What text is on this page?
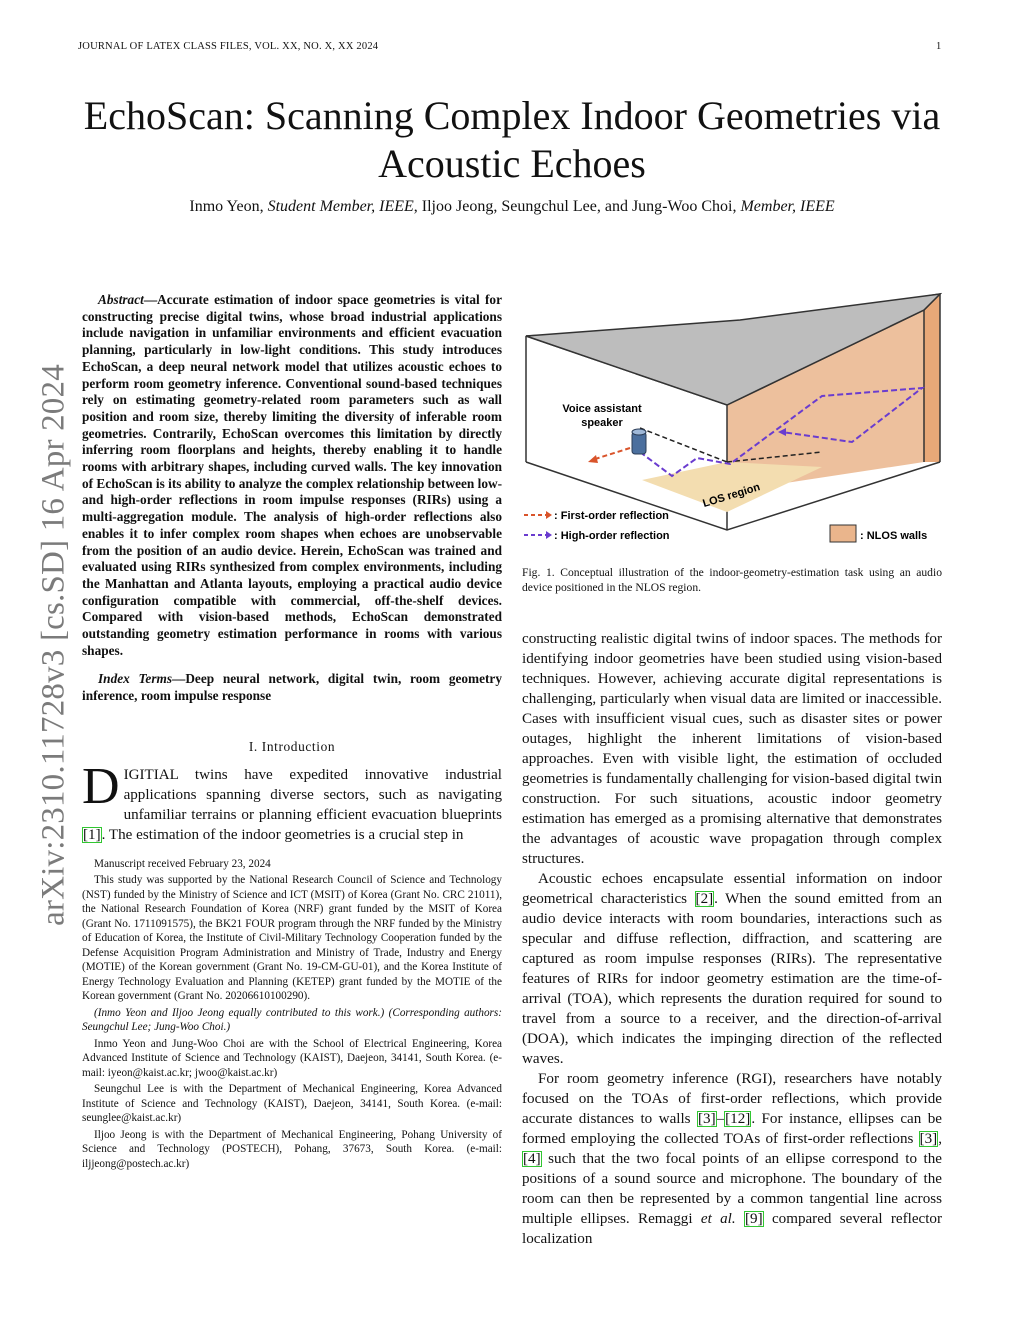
JOURNAL OF LATEX CLASS FILES, VOL. XX, NO. X, XX 2024	1
arXiv:2310.11728v3 [cs.SD] 16 Apr 2024
EchoScan: Scanning Complex Indoor Geometries via Acoustic Echoes
Inmo Yeon, Student Member, IEEE, Iljoo Jeong, Seungchul Lee, and Jung-Woo Choi, Member, IEEE

Abstract—Accurate estimation of indoor space geometries is vital for constructing precise digital twins, whose broad industrial applications include navigation in unfamiliar environments and efficient evacuation planning, particularly in low-light conditions. This study introduces EchoScan, a deep neural network model that utilizes acoustic echoes to perform room geometry inference. Conventional sound-based techniques rely on estimating geometry-related room parameters such as wall position and room size, thereby limiting the diversity of inferable room geometries. Contrarily, EchoScan overcomes this limitation by directly inferring room floorplans and heights, thereby enabling it to handle rooms with arbitrary shapes, including curved walls. The key innovation of EchoScan is its ability to analyze the complex relationship between low- and high-order reflections in room impulse responses (RIRs) using a multi-aggregation module. The analysis of high-order reflections also enables it to infer complex room shapes when echoes are unobservable from the position of an audio device. Herein, EchoScan was trained and evaluated using RIRs synthesized from complex environments, including the Manhattan and Atlanta layouts, employing a practical audio device configuration compatible with commercial, off-the-shelf devices. Compared with vision-based methods, EchoScan demonstrated outstanding geometry estimation performance in rooms with various shapes.

Index Terms—Deep neural network, digital twin, room geometry inference, room impulse response

I. Introduction

DIGITIAL twins have expedited innovative industrial applications spanning diverse sectors, such as navigating unfamiliar terrains or planning efficient evacuation blueprints [1]. The estimation of the indoor geometries is a crucial step in

Manuscript received February 23, 2024

This study was supported by the National Research Council of Science and Technology (NST) funded by the Ministry of Science and ICT (MSIT) of Korea (Grant No. CRC 21011), the National Research Foundation of Korea (NRF) grant funded by the MSIT of Korea (Grant No. 1711091575), the BK21 FOUR program through the NRF funded by the Ministry of Education of Korea, the Institute of Civil-Military Technology Cooperation funded by the Defense Acquisition Program Administration and Ministry of Trade, Industry and Energy (MOTIE) of the Korean government (Grant No. 19-CM-GU-01), and the Korea Institute of Energy Technology Evaluation and Planning (KETEP) grant funded by the MOTIE of the Korean government (Grant No. 20206610100290).

(Inmo Yeon and Iljoo Jeong equally contributed to this work.) (Corresponding authors: Seungchul Lee; Jung-Woo Choi.)

Inmo Yeon and Jung-Woo Choi are with the School of Electrical Engineering, Korea Advanced Institute of Science and Technology (KAIST), Daejeon, 34141, South Korea. (e-mail: iyeon@kaist.ac.kr; jwoo@kaist.ac.kr)

Seungchul Lee is with the Department of Mechanical Engineering, Korea Advanced Institute of Science and Technology (KAIST), Daejeon, 34141, South Korea. (e-mail: seunglee@kaist.ac.kr)

Iljoo Jeong is with the Department of Mechanical Engineering, Pohang University of Science and Technology (POSTECH), Pohang, 37673, South Korea. (e-mail: iljjeong@postech.ac.kr)

LOS region
Voice assistant
speaker
: First-order reflection
: High-order reflection	: NLOS walls

Fig. 1. Conceptual illustration of the indoor-geometry-estimation task using an audio device positioned in the NLOS region.

constructing realistic digital twins of indoor spaces. The methods for identifying indoor geometries have been studied using vision-based techniques. However, achieving accurate digital representations is challenging, particularly when visual data are limited or inaccessible. Cases with insufficient visual cues, such as disaster sites or power outages, highlight the inherent limitations of vision-based approaches. Even with visible light, the estimation of occluded geometries is fundamentally challenging for vision-based digital twin construction. For such situations, acoustic indoor geometry estimation has emerged as a promising alternative that demonstrates the advantages of acoustic wave propagation through complex structures.

Acoustic echoes encapsulate essential information on indoor geometrical characteristics [2]. When the sound emitted from an audio device interacts with room boundaries, interactions such as specular and diffuse reflection, diffraction, and scattering are captured as room impulse responses (RIRs). The representative features of RIRs for indoor geometry estimation are the time-of-arrival (TOA), which represents the duration required for sound to travel from a source to a receiver, and the direction-of-arrival (DOA), which indicates the impinging direction of the reflected waves.

For room geometry inference (RGI), researchers have notably focused on the TOAs of first-order reflections, which provide accurate distances to walls [3]–[12]. For instance, ellipses can be formed employing the collected TOAs of first-order reflections [3], [4] such that the two focal points of an ellipse correspond to the positions of a sound source and microphone. The boundary of the room can then be represented by a common tangential line across multiple ellipses. Remaggi et al. [9] compared several reflector localization
